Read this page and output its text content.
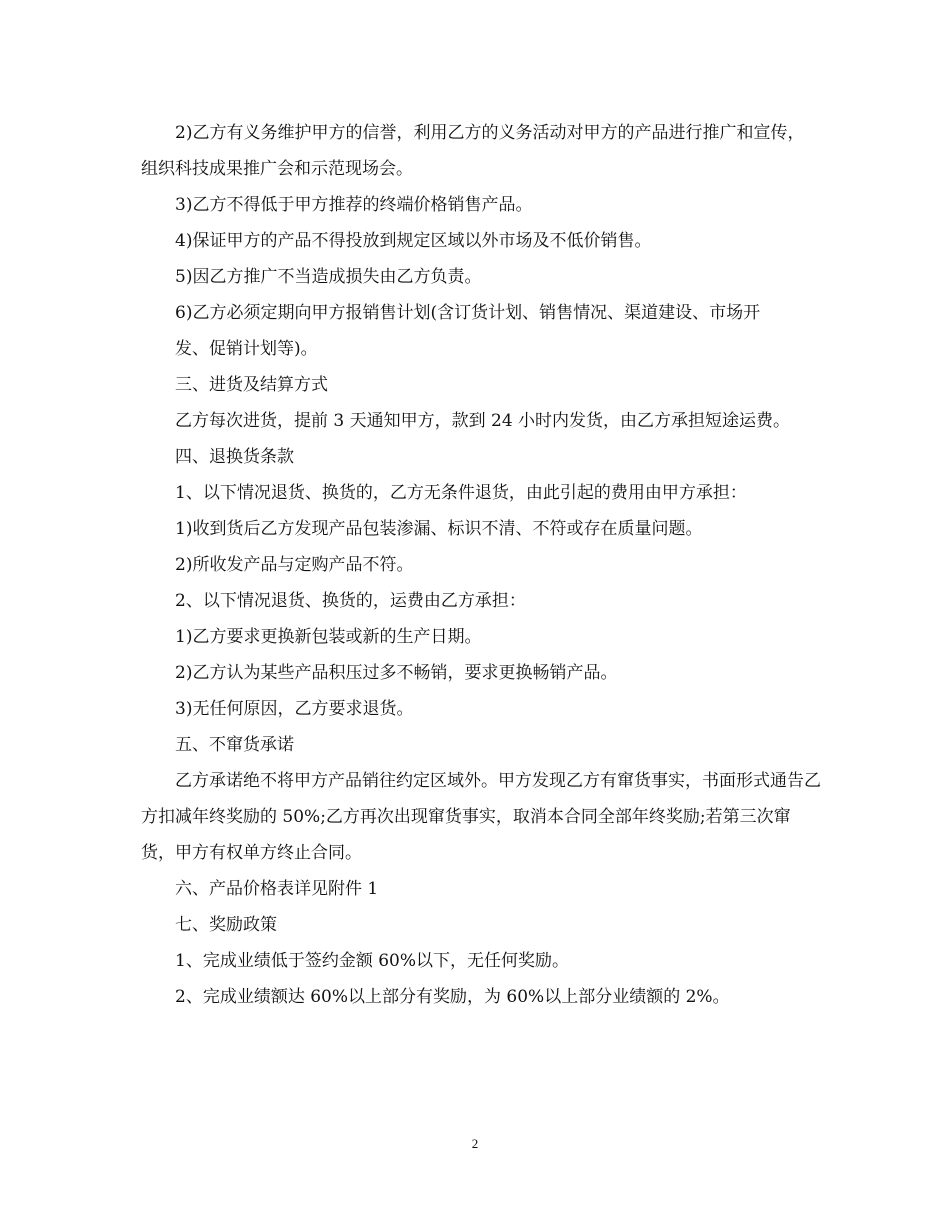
2)乙方有义务维护甲方的信誉，利用乙方的义务活动对甲方的产品进行推广和宣传，组织科技成果推广会和示范现场会。

3)乙方不得低于甲方推荐的终端价格销售产品。

4)保证甲方的产品不得投放到规定区域以外市场及不低价销售。

5)因乙方推广不当造成损失由乙方负责。

6)乙方必须定期向甲方报销售计划(含订货计划、销售情况、渠道建设、市场开

发、促销计划等)。

三、进货及结算方式

乙方每次进货，提前 3 天通知甲方，款到 24 小时内发货，由乙方承担短途运费。

四、退换货条款

1、以下情况退货、换货的，乙方无条件退货，由此引起的费用由甲方承担：

1)收到货后乙方发现产品包装渗漏、标识不清、不符或存在质量问题。

2)所收发产品与定购产品不符。

2、以下情况退货、换货的，运费由乙方承担：

1)乙方要求更换新包装或新的生产日期。

2)乙方认为某些产品积压过多不畅销，要求更换畅销产品。

3)无任何原因，乙方要求退货。

五、不窜货承诺

乙方承诺绝不将甲方产品销往约定区域外。甲方发现乙方有窜货事实，书面形式通告乙方扣减年终奖励的 50%;乙方再次出现窜货事实，取消本合同全部年终奖励;若第三次窜货，甲方有权单方终止合同。

六、产品价格表详见附件 1

七、奖励政策

1、完成业绩低于签约金额 60%以下，无任何奖励。

2、完成业绩额达 60%以上部分有奖励，为 60%以上部分业绩额的 2%。

2
